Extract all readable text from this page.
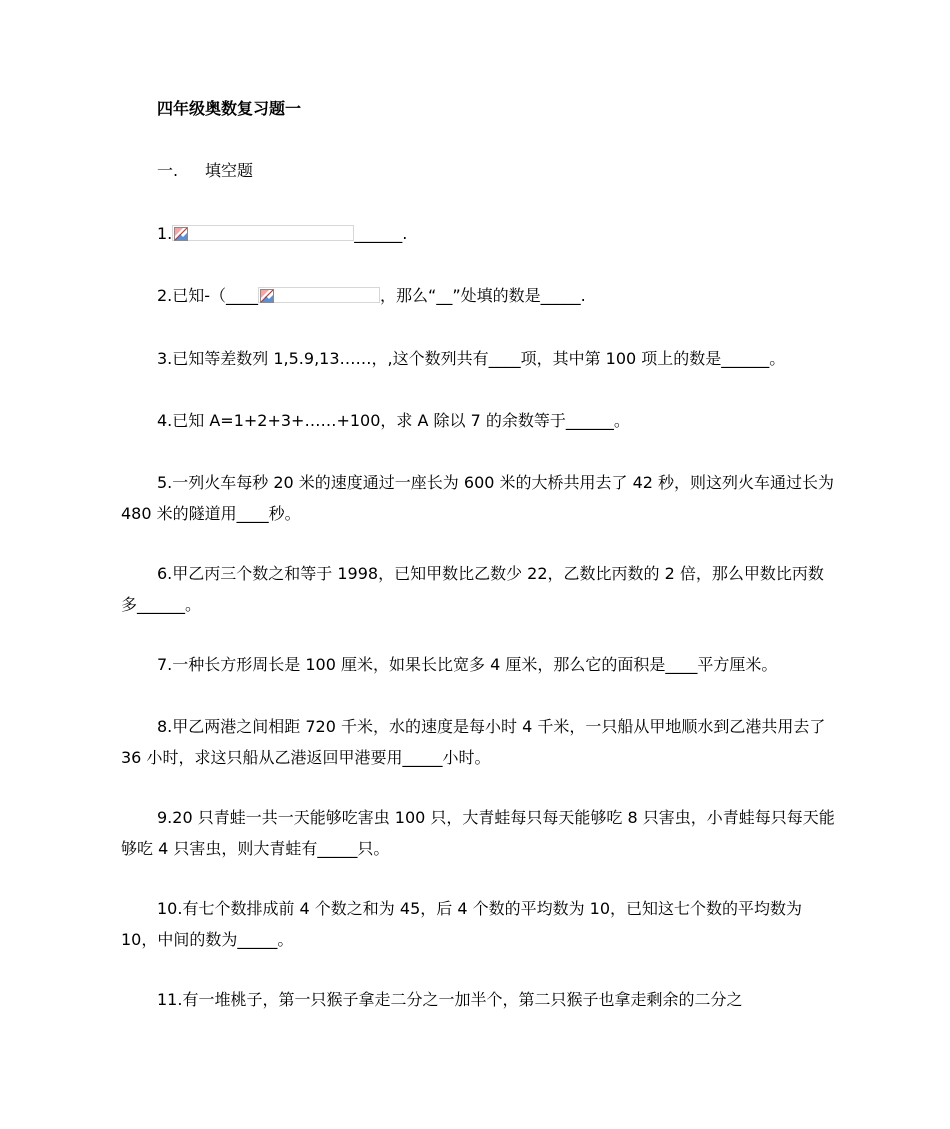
四年级奥数复习题一
一. 填空题
1.	______.
2.已知-（____	，那么“__”处填的数是_____.
3.已知等差数列 1,5.9,13……，,这个数列共有____项，其中第 100 项上的数是______。
4.已知 A=1+2+3+……+100，求 A 除以 7 的余数等于______。
5.一列火车每秒 20 米的速度通过一座长为 600 米的大桥共用去了 42 秒，则这列火车通过长为 480 米的隧道用____秒。
6.甲乙丙三个数之和等于 1998，已知甲数比乙数少 22，乙数比丙数的 2 倍，那么甲数比丙数多______。
7.一种长方形周长是 100 厘米，如果长比宽多 4 厘米，那么它的面积是____平方厘米。
8.甲乙两港之间相距 720 千米，水的速度是每小时 4 千米，一只船从甲地顺水到乙港共用去了 36 小时，求这只船从乙港返回甲港要用_____小时。
9.20 只青蛙一共一天能够吃害虫 100 只，大青蛙每只每天能够吃 8 只害虫，小青蛙每只每天能够吃 4 只害虫，则大青蛙有_____只。
10.有七个数排成前 4 个数之和为 45，后 4 个数的平均数为 10，已知这七个数的平均数为 10，中间的数为_____。
11.有一堆桃子，第一只猴子拿走二分之一加半个，第二只猴子也拿走剩余的二分之
